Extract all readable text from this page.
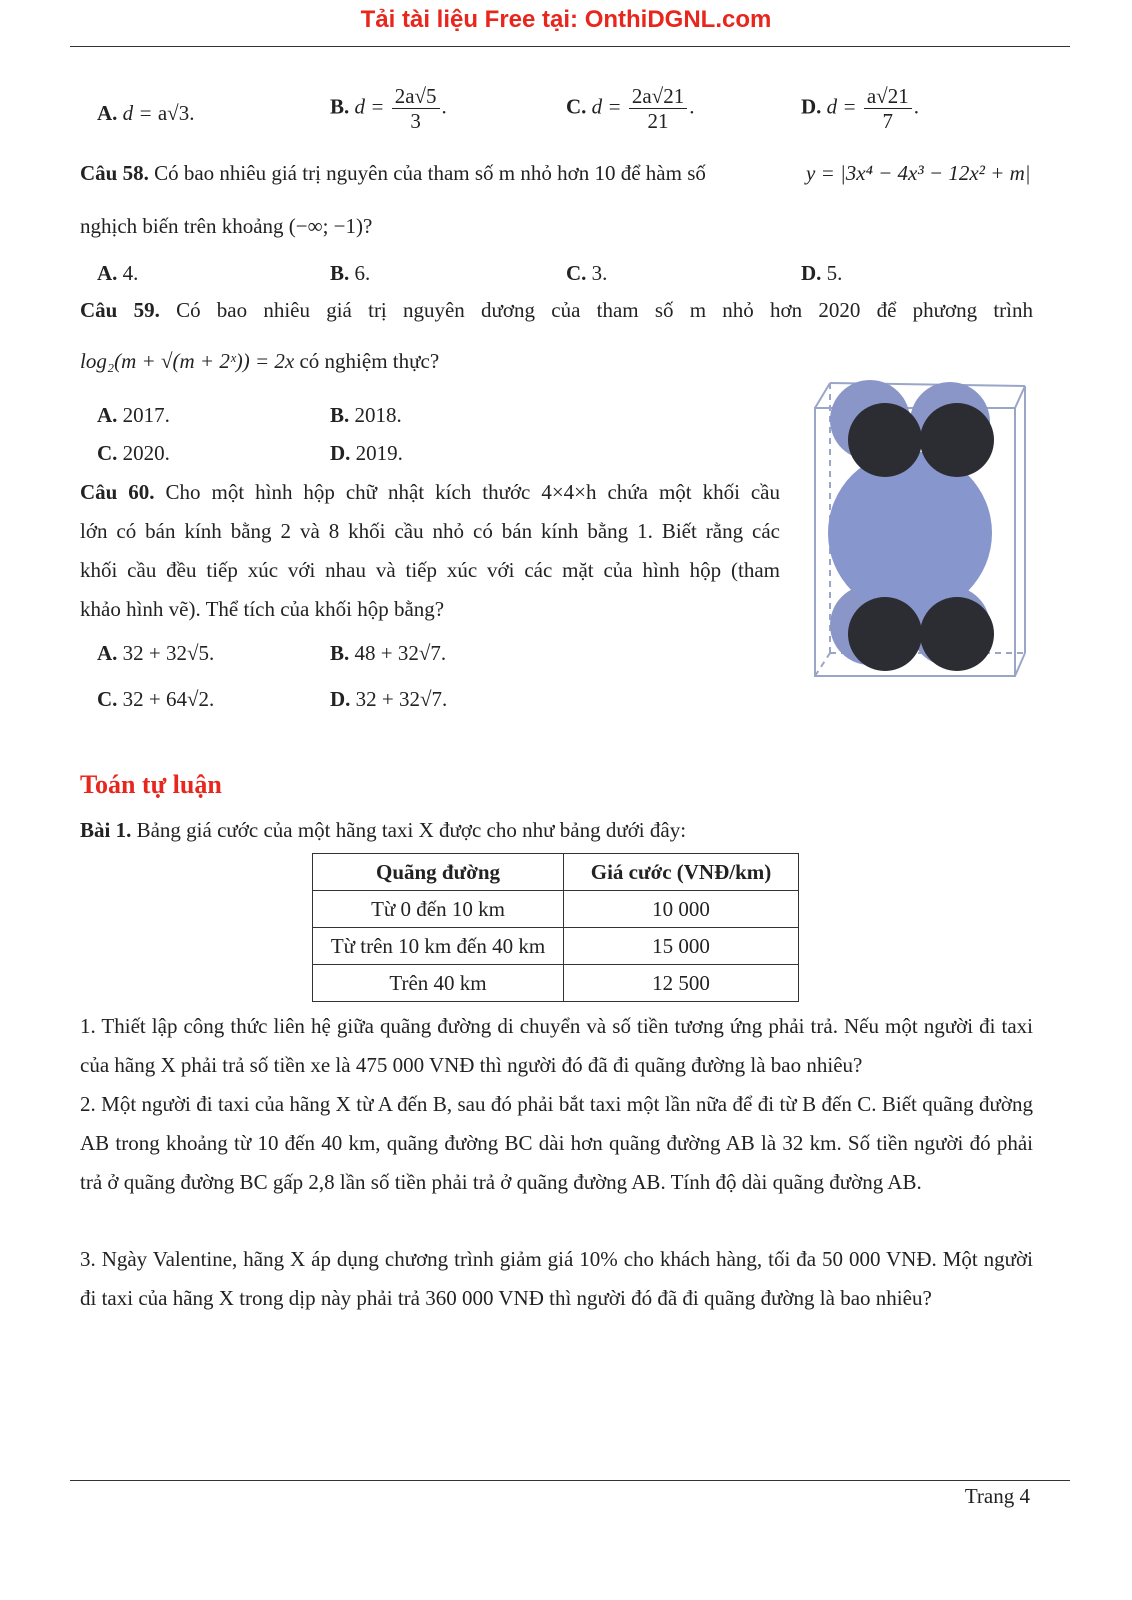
Tải tài liệu Free tại: OnthiDGNL.com
A. d = a√3.	B. $d = \frac{2a√5}{3}$ .	C. $d = \frac{2a√21}{21}$ .	D. $d = \frac{a√21}{7}$ .
Câu 58. Có bao nhiêu giá trị nguyên của tham số m nhỏ hơn 10 để hàm số	y = |3x⁴ − 4x³ − 12x² + m|
nghịch biến trên khoảng (−∞; −1)?
A. 4.	B. 6.	C. 3.	D. 5.
Câu 59. Có bao nhiêu giá trị nguyên dương của tham số m nhỏ hơn 2020 để phương trình
log₂(m + √(m + 2ˣ)) = 2x có nghiệm thực?
A. 2017.	B. 2018.
C. 2020.	D. 2019.
Câu 60. Cho một hình hộp chữ nhật kích thước 4×4×h chứa một khối cầu
lớn có bán kính bằng 2 và 8 khối cầu nhỏ có bán kính bằng 1. Biết rằng các
khối cầu đều tiếp xúc với nhau và tiếp xúc với các mặt của hình hộp (tham
khảo hình vẽ). Thể tích của khối hộp bằng?
A. 32 + 32√5.	B. 48 + 32√7.
C. 32 + 64√2.	D. 32 + 32√7.
Toán tự luận
Bài 1. Bảng giá cước của một hãng taxi X được cho như bảng dưới đây:
Quãng đường	Giá cước (VNĐ/km)
Từ 0 đến 10 km	10 000
Từ trên 10 km đến 40 km	15 000
Trên 40 km	12 500
1. Thiết lập công thức liên hệ giữa quãng đường di chuyển và số tiền tương ứng phải trả. Nếu một người đi taxi của hãng X phải trả số tiền xe là 475 000 VNĐ thì người đó đã đi quãng đường là bao nhiêu?
2. Một người đi taxi của hãng X từ A đến B, sau đó phải bắt taxi một lần nữa để đi từ B đến C. Biết quãng đường AB trong khoảng từ 10 đến 40 km, quãng đường BC dài hơn quãng đường AB là 32 km. Số tiền người đó phải trả ở quãng đường BC gấp 2,8 lần số tiền phải trả ở quãng đường AB. Tính độ dài quãng đường AB.
3. Ngày Valentine, hãng X áp dụng chương trình giảm giá 10% cho khách hàng, tối đa 50 000 VNĐ. Một người đi taxi của hãng X trong dịp này phải trả 360 000 VNĐ thì người đó đã đi quãng đường là bao nhiêu?
Trang 4
